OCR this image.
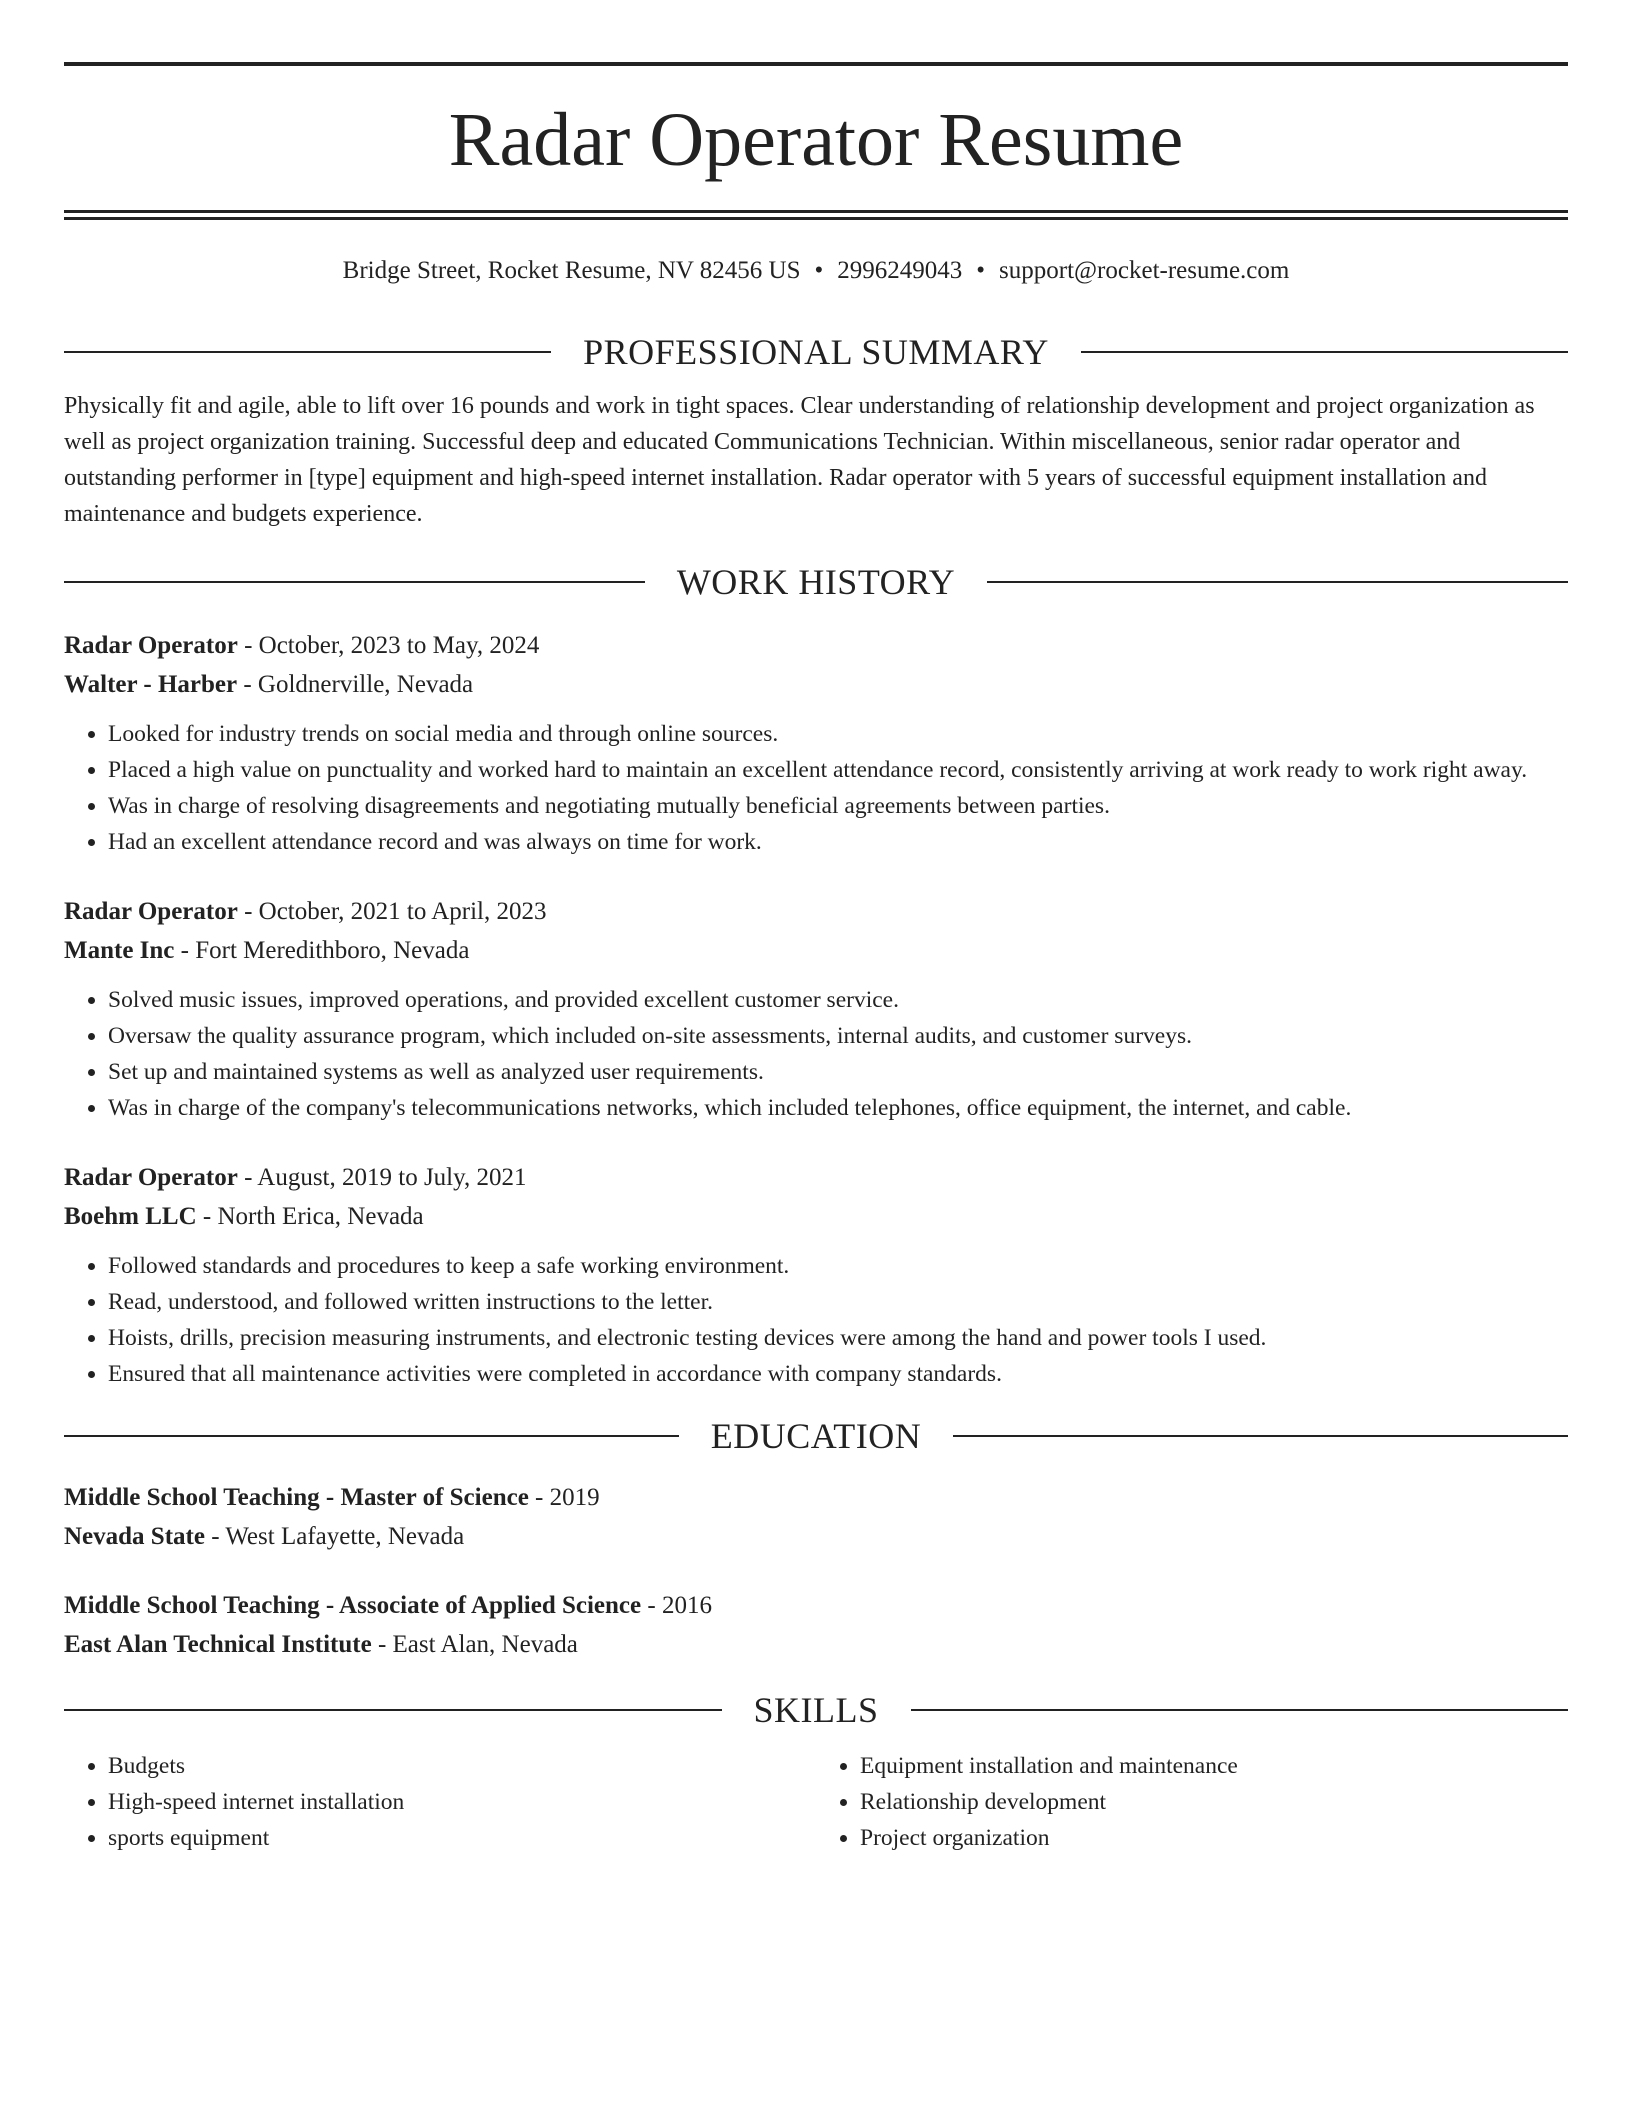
Radar Operator Resume
Bridge Street, Rocket Resume, NV 82456 US • 2996249043 • support@rocket-resume.com
PROFESSIONAL SUMMARY

Physically fit and agile, able to lift over 16 pounds and work in tight spaces. Clear understanding of relationship development and project organization as well as project organization training. Successful deep and educated Communications Technician. Within miscellaneous, senior radar operator and outstanding performer in [type] equipment and high-speed internet installation. Radar operator with 5 years of successful equipment installation and maintenance and budgets experience.

WORK HISTORY
Radar Operator - October, 2023 to May, 2024
Walter - Harber - Goldnerville, Nevada
• Looked for industry trends on social media and through online sources.
• Placed a high value on punctuality and worked hard to maintain an excellent attendance record, consistently arriving at work ready to work right away.
• Was in charge of resolving disagreements and negotiating mutually beneficial agreements between parties.
• Had an excellent attendance record and was always on time for work.
Radar Operator - October, 2021 to April, 2023
Mante Inc - Fort Meredithboro, Nevada
• Solved music issues, improved operations, and provided excellent customer service.
• Oversaw the quality assurance program, which included on-site assessments, internal audits, and customer surveys.
• Set up and maintained systems as well as analyzed user requirements.
• Was in charge of the company's telecommunications networks, which included telephones, office equipment, the internet, and cable.
Radar Operator - August, 2019 to July, 2021
Boehm LLC - North Erica, Nevada
• Followed standards and procedures to keep a safe working environment.
• Read, understood, and followed written instructions to the letter.
• Hoists, drills, precision measuring instruments, and electronic testing devices were among the hand and power tools I used.
• Ensured that all maintenance activities were completed in accordance with company standards.
EDUCATION
Middle School Teaching - Master of Science - 2019
Nevada State - West Lafayette, Nevada
Middle School Teaching - Associate of Applied Science - 2016
East Alan Technical Institute - East Alan, Nevada
SKILLS
• Budgets
• High-speed internet installation
• sports equipment
• Equipment installation and maintenance
• Relationship development
• Project organization
